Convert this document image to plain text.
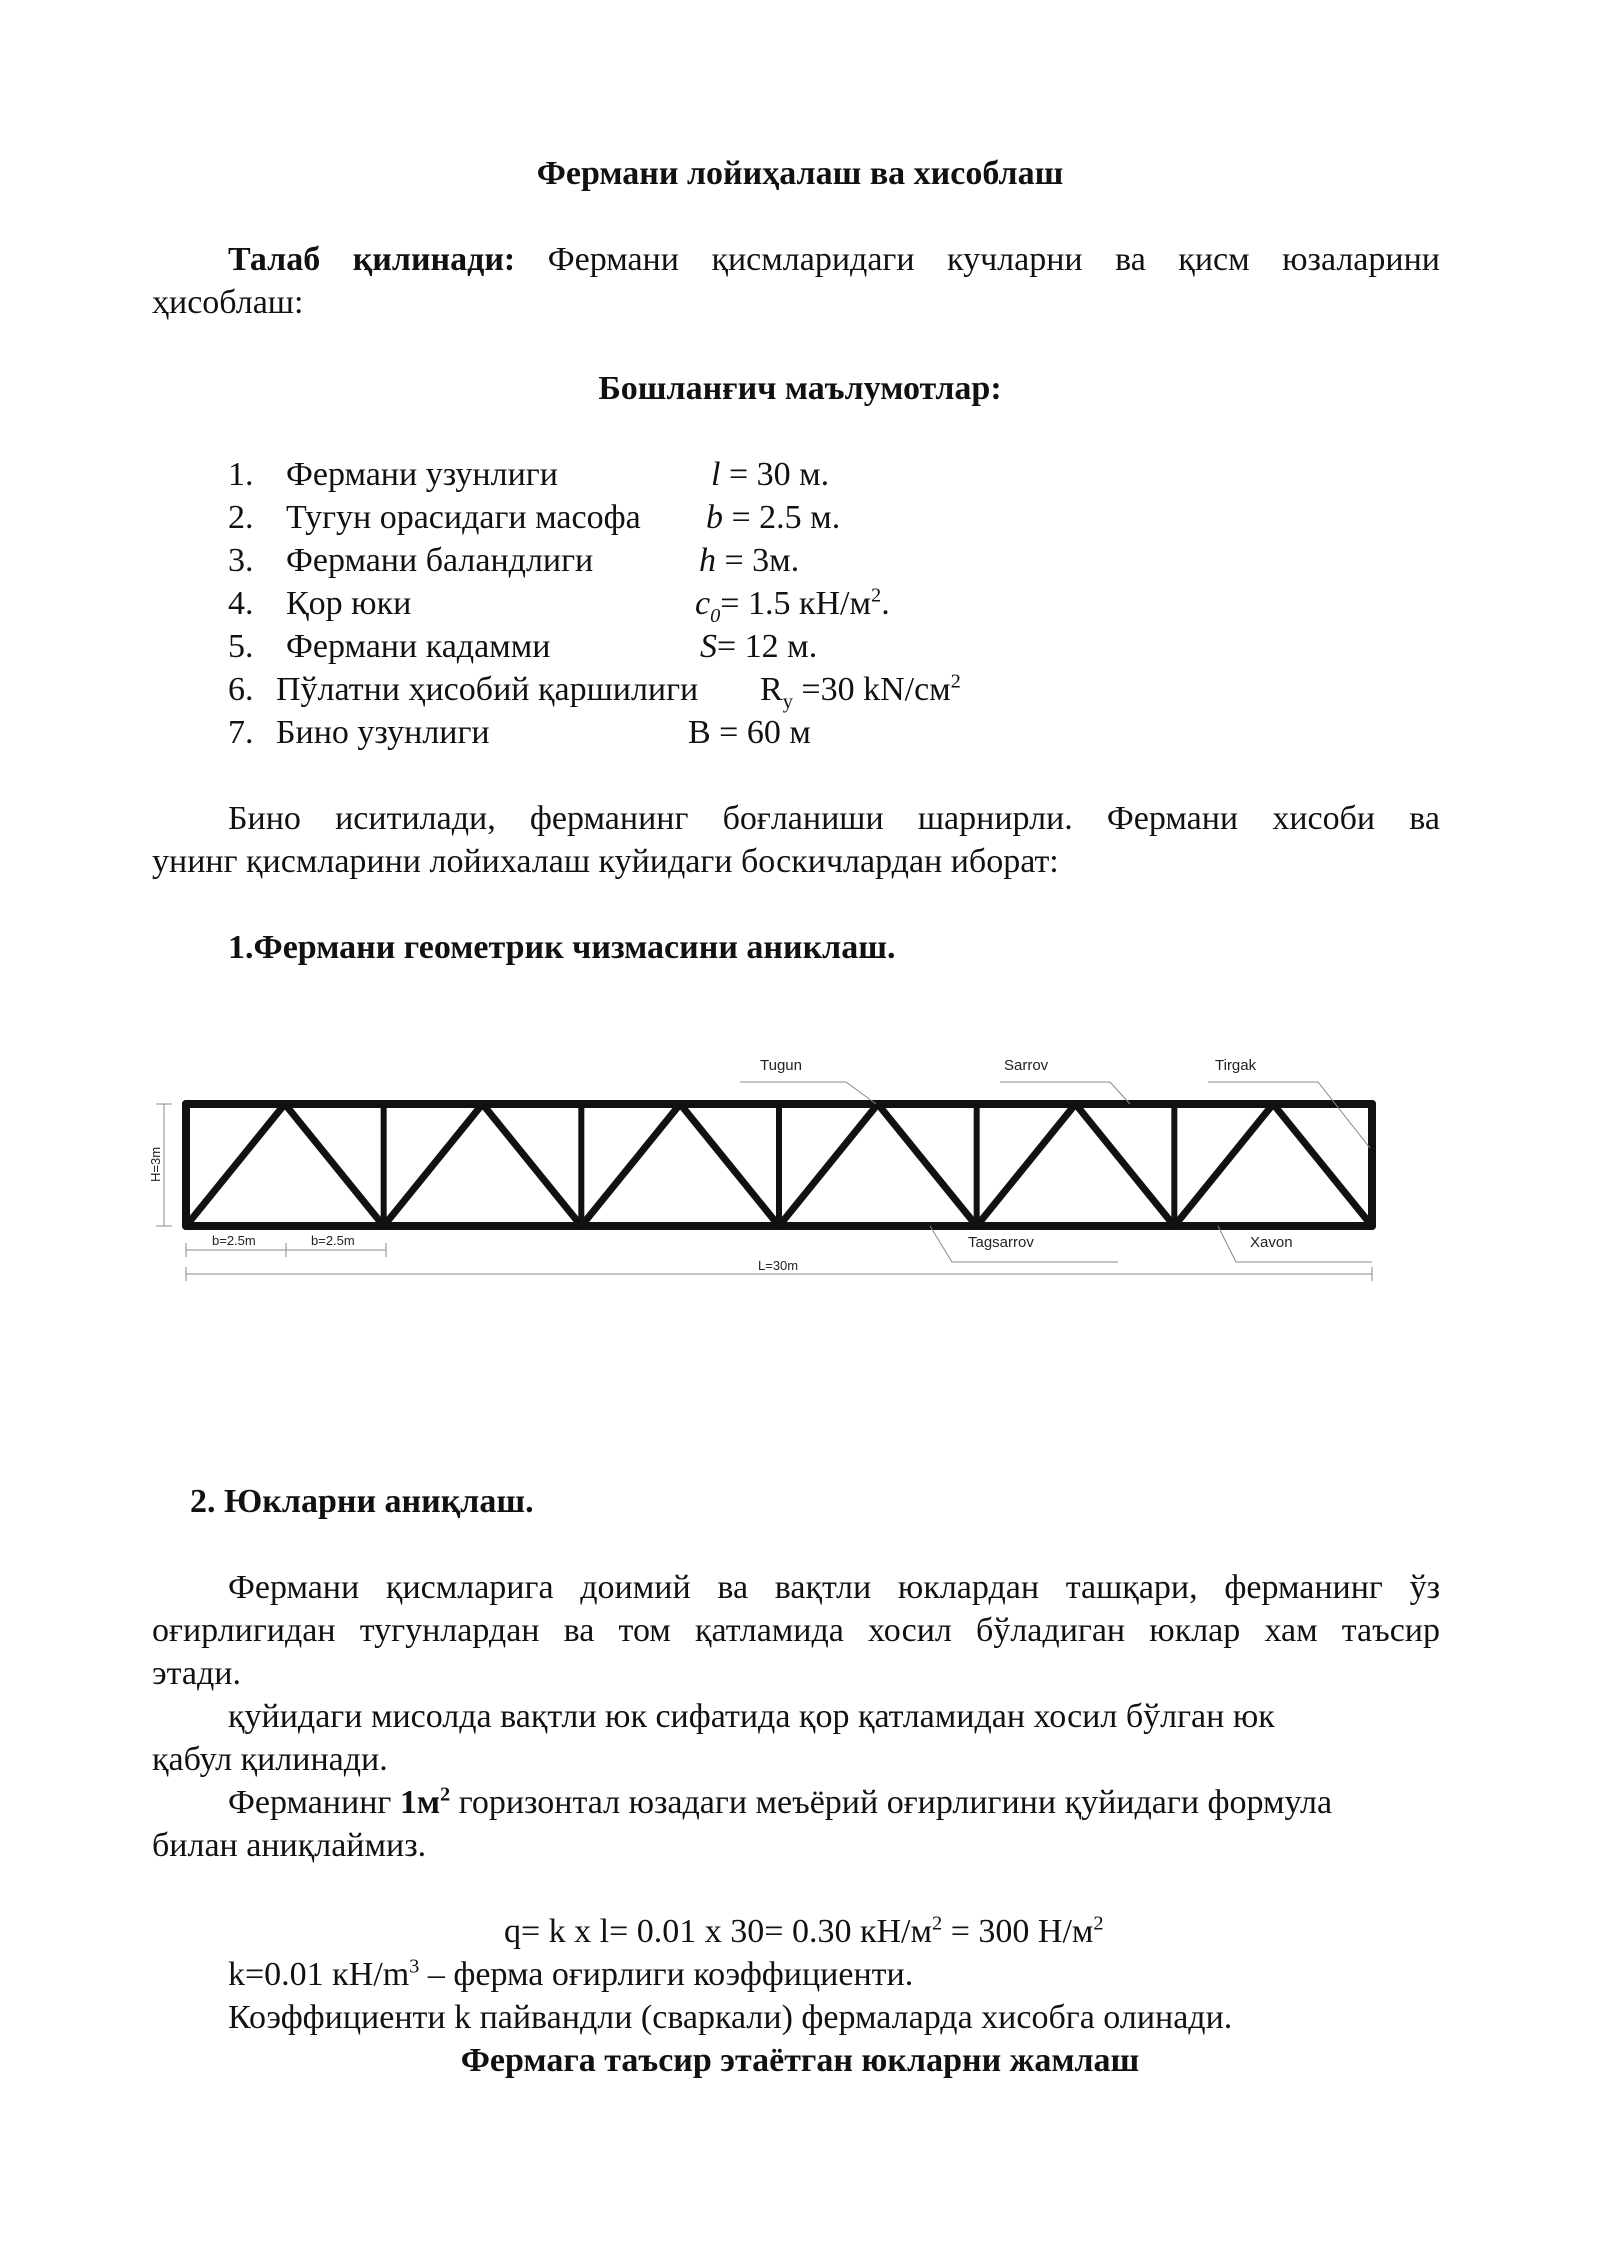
Фермани лойиҳалаш ва хисоблаш
Талаб қилинади: Фермани қисмларидаги кучларни ва қисм юзаларини
ҳисоблаш:
Бошланғич маълумотлар:
1. Фермани узунлиги	l = 30 м.
2. Тугун орасидаги масофа b = 2.5 м.
3. Фермани баландлиги	h = 3м.
4. Қор юки	$c_0= 1.5$ $кН/м^2$.
5. Фермани кадамми	S= 12 м.
6. Пўлатни ҳисобий қаршилиги $R_y =30$ $kN/см^2$
7. Бино узунлиги	В = 60 м
Бино иситилади, ферманинг боғланиши шарнирли. Фермани хисоби ва
унинг қисмларини лойихалаш куйидаги боскичлардан иборат:
1.Фермани геометрик чизмасини аниклаш.
Tugun	Sarrov	Tirgak
Tagsarrov	Xavon
H=3m
b=2.5m	b=2.5m
L=30m
2. Юкларни аниқлаш.
Фермани қисмларига доимий ва вақтли юклардан ташқари, ферманинг ўз
оғирлигидан тугунлардан ва том қатламида хосил бўладиган юклар хам таъсир
этади.
қуйидаги мисолда вақтли юк сифатида қор қатламидан хосил бўлган юк
қабул қилинади.
Ферманинг $1м^2$ горизонтал юзадаги меъёрий оғирлигини қуйидаги формула
билан аниқлаймиз.
q= k x l= 0.01 x 30= 0.30 $кН/м^2 = 300$ $Н/м^2$
k=0.01 $кН/m^3$ – ферма оғирлиги коэффициенти.
Коэффициенти k пайвандли (сваркали) фермаларда хисобга олинади.
Фермага таъсир этаётган юкларни жамлаш
